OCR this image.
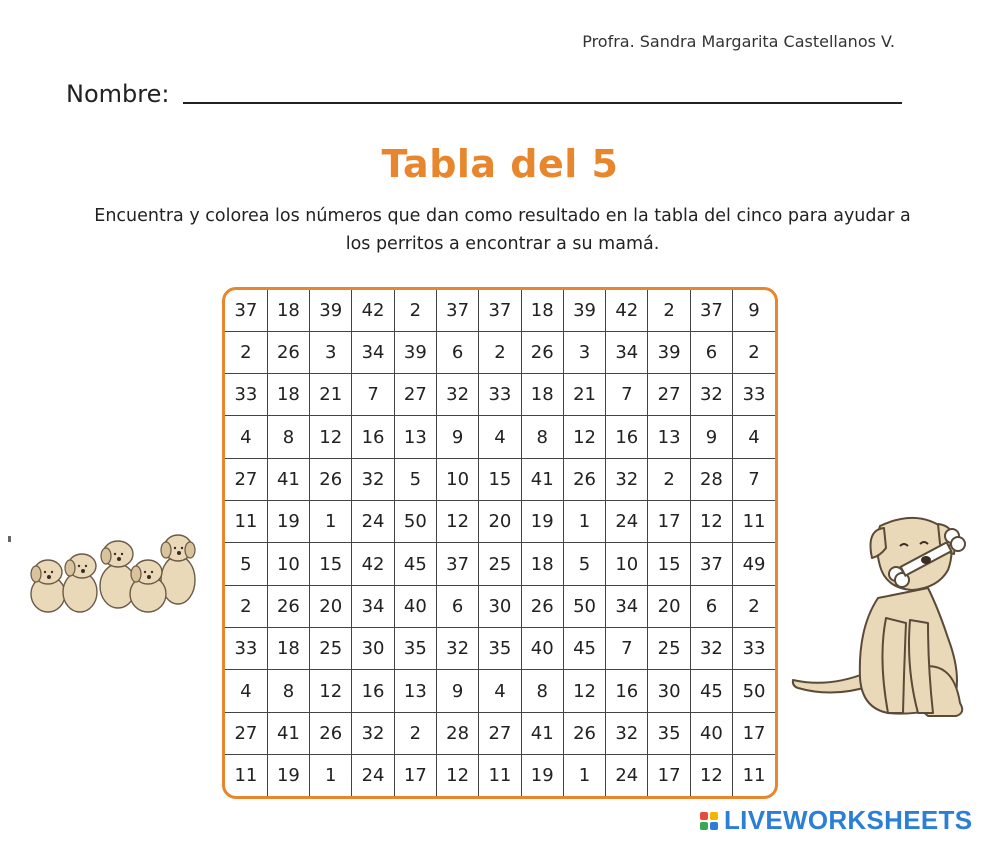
Profra. Sandra Margarita Castellanos V.
Nombre:
Tabla del 5
Encuentra y colorea los números que dan como resultado en la tabla del cinco para ayudar a los perritos a encontrar a su mamá.
37	18	39	42	2	37	37	18	39	42	2	37	9
2	26	3	34	39	6	2	26	3	34	39	6	2
33	18	21	7	27	32	33	18	21	7	27	32	33
4	8	12	16	13	9	4	8	12	16	13	9	4
27	41	26	32	5	10	15	41	26	32	2	28	7
11	19	1	24	50	12	20	19	1	24	17	12	11
5	10	15	42	45	37	25	18	5	10	15	37	49
2	26	20	34	40	6	30	26	50	34	20	6	2
33	18	25	30	35	32	35	40	45	7	25	32	33
4	8	12	16	13	9	4	8	12	16	30	45	50
27	41	26	32	2	28	27	41	26	32	35	40	17
11	19	1	24	17	12	11	19	1	24	17	12	11
LIVEWORKSHEETS
